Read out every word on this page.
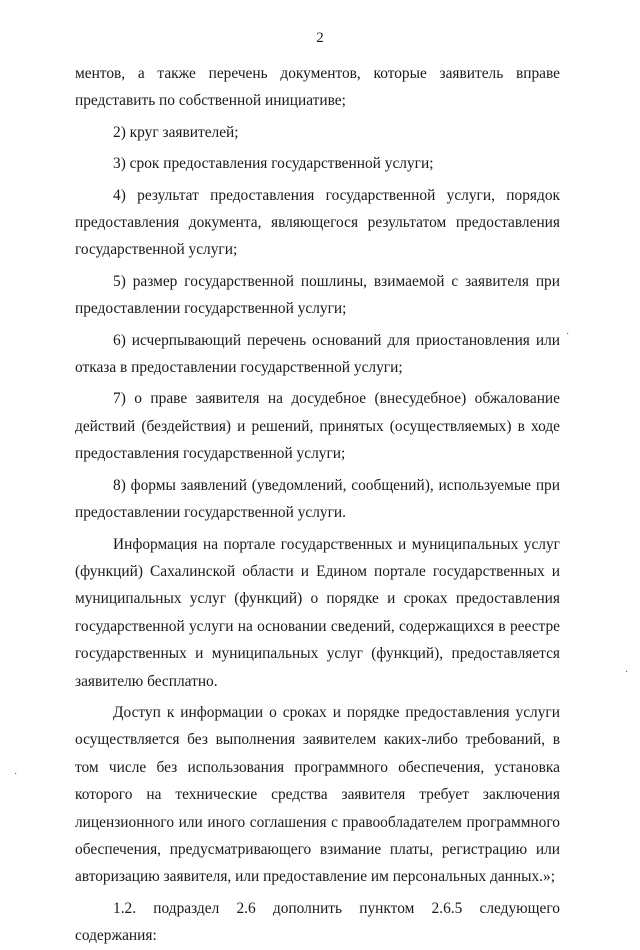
2

ментов, а также перечень документов, которые заявитель вправе представить по собственной инициативе;

2) круг заявителей;

3) срок предоставления государственной услуги;

4) результат предоставления государственной услуги, порядок предоставления документа, являющегося результатом предоставления государственной услуги;

5) размер государственной пошлины, взимаемой с заявителя при предоставлении государственной услуги;

6) исчерпывающий перечень оснований для приостановления или отказа в предоставлении государственной услуги;

7) о праве заявителя на досудебное (внесудебное) обжалование действий (бездействия) и решений, принятых (осуществляемых) в ходе предоставления государственной услуги;

8) формы заявлений (уведомлений, сообщений), используемые при предоставлении государственной услуги.

Информация на портале государственных и муниципальных услуг (функций) Сахалинской области и Едином портале государственных и муниципальных услуг (функций) о порядке и сроках предоставления государственной услуги на основании сведений, содержащихся в реестре государственных и муниципальных услуг (функций), предоставляется заявителю бесплатно.

Доступ к информации о сроках и порядке предоставления услуги осуществляется без выполнения заявителем каких-либо требований, в том числе без использования программного обеспечения, установка которого на технические средства заявителя требует заключения лицензионного или иного соглашения с правообладателем программного обеспечения, предусматривающего взимание платы, регистрацию или авторизацию заявителя, или предоставление им персональных данных.»;

1.2. подраздел 2.6 дополнить пунктом 2.6.5 следующего содержания:

·
·
·
